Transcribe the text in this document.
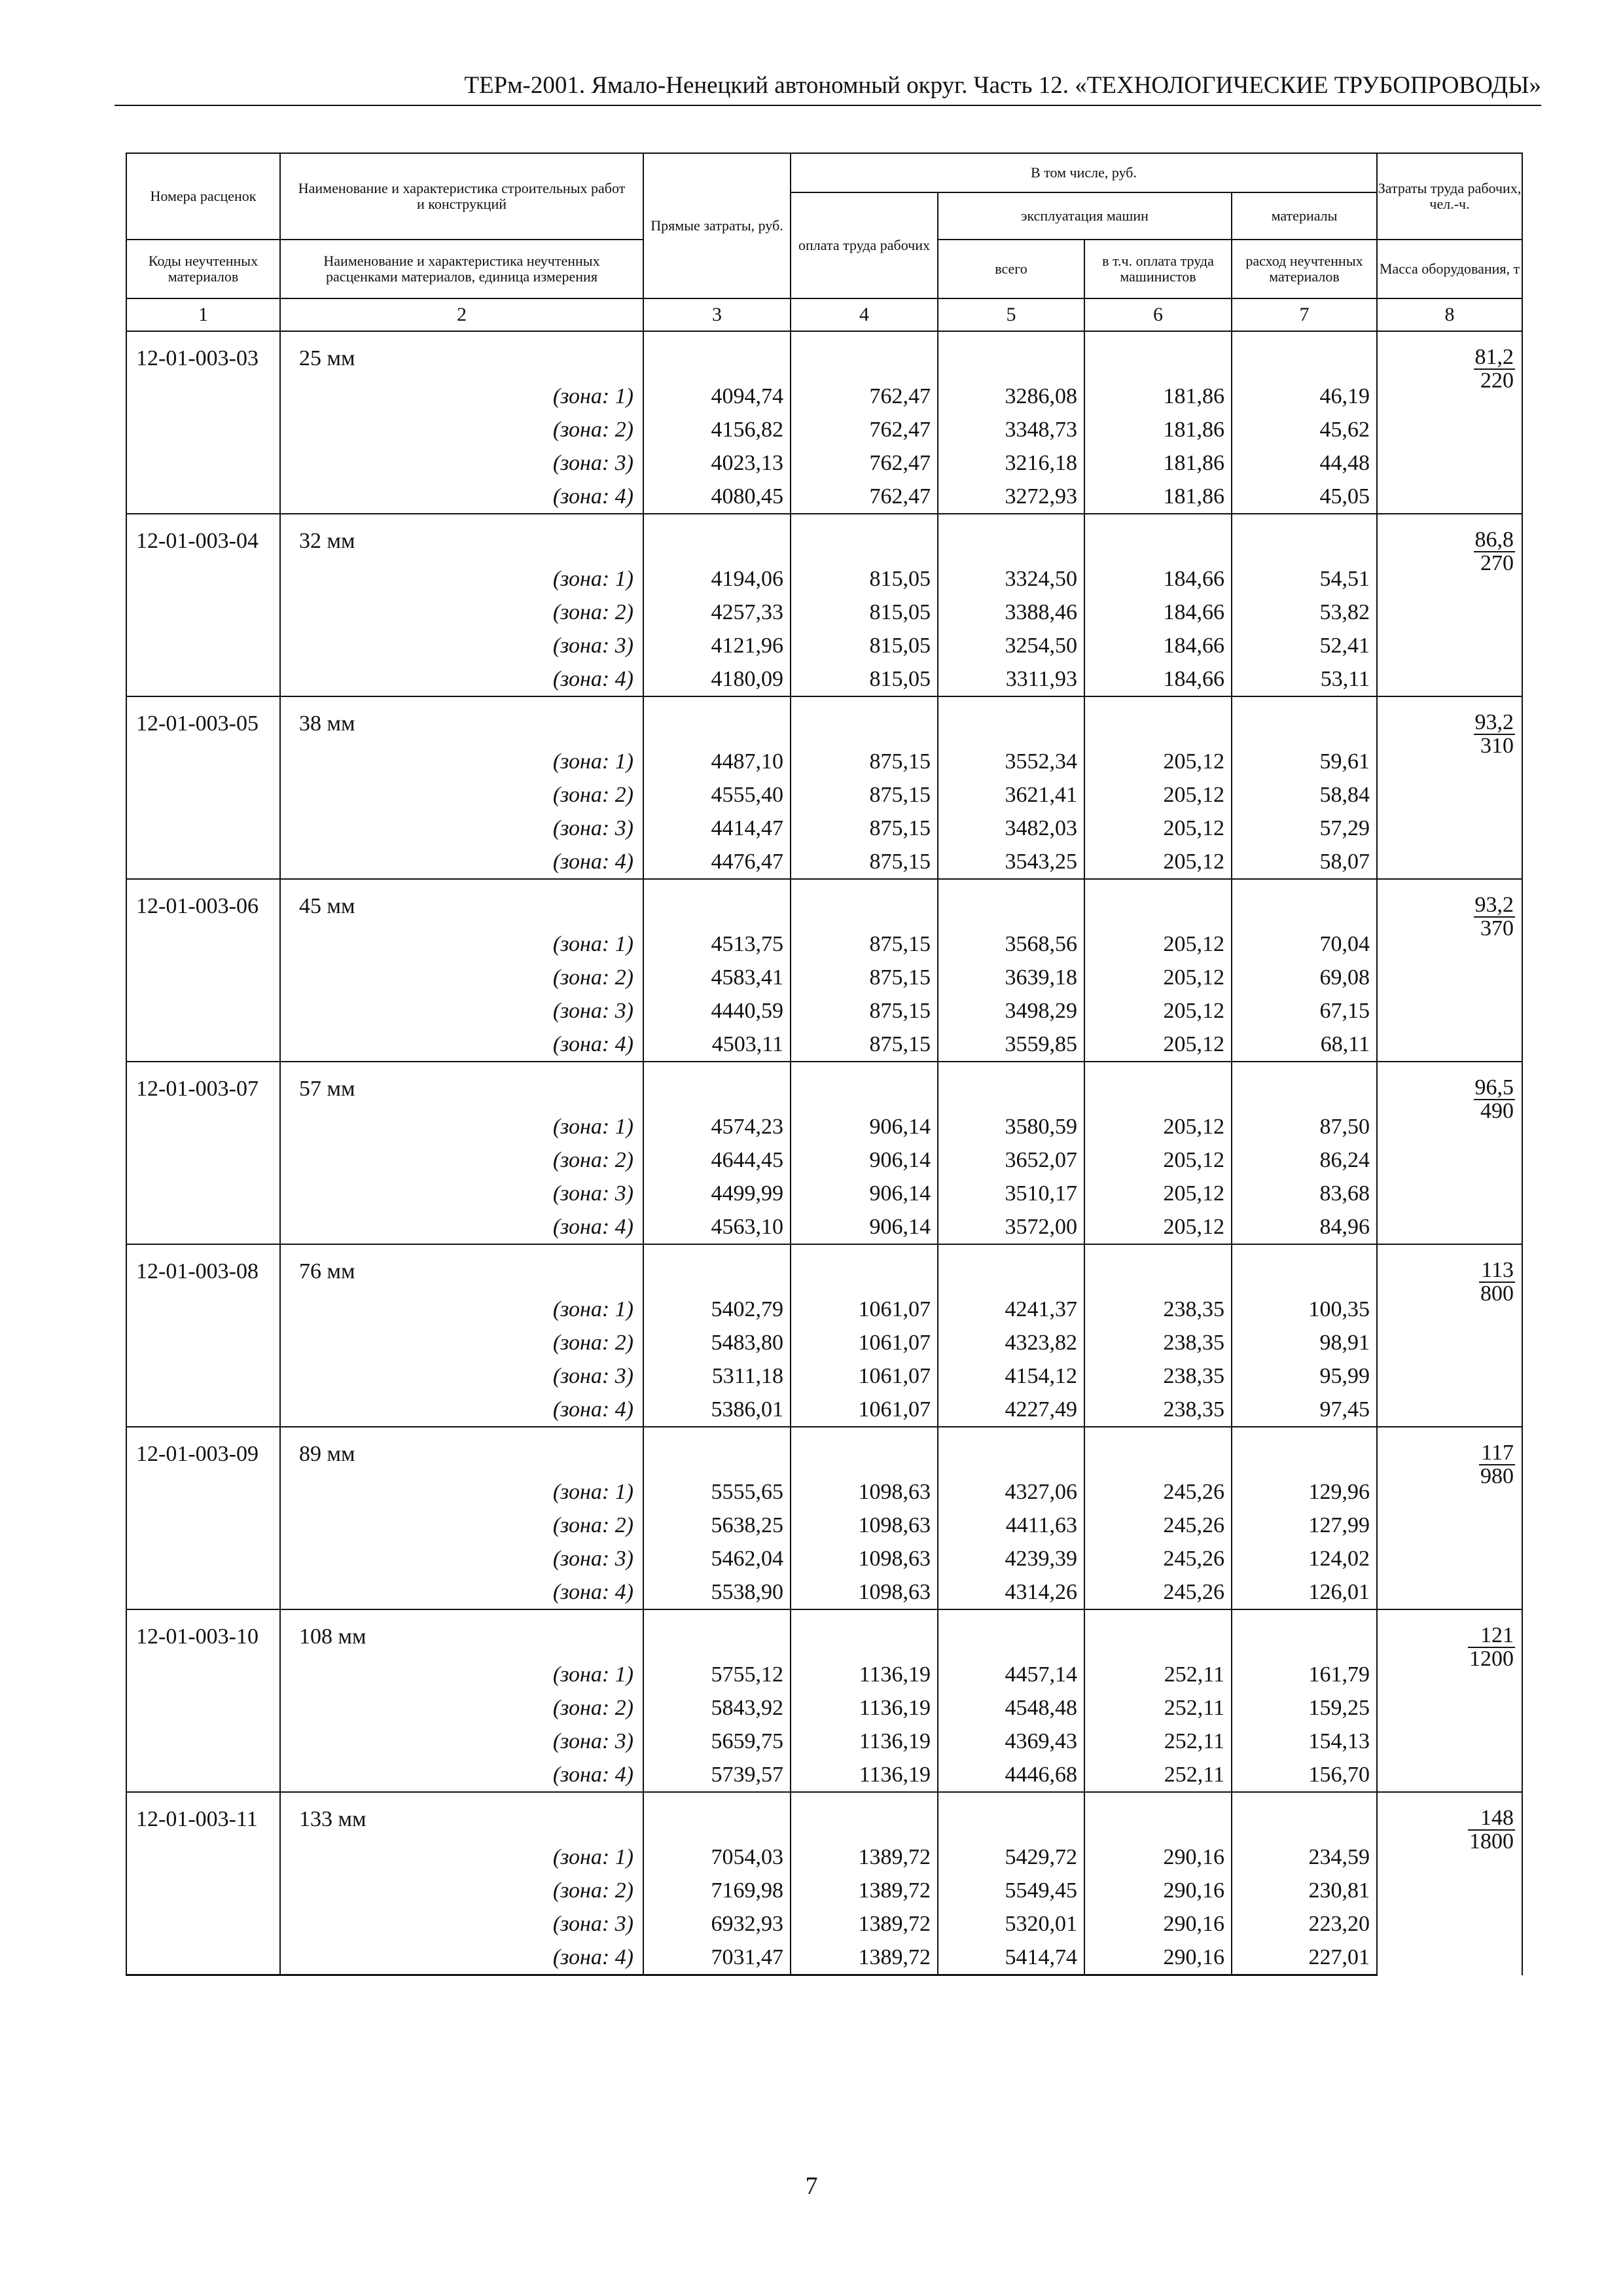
ТЕРм-2001. Ямало-Ненецкий автономный округ. Часть 12. «ТЕХНОЛОГИЧЕСКИЕ ТРУБОПРОВОДЫ»
Номера расценок	Наименование и характеристика строительных работ и конструкций	Прямые затраты, руб.	В том числе, руб.				Затраты труда рабочих, чел.-ч.
			оплата труда рабочих	эксплуатация машин		материалы	
Коды неучтенных материалов	Наименование и характеристика неучтенных расценками материалов, единица измерения			всего	в т.ч. оплата труда машинистов	расход неучтенных материалов	Масса оборудования, т
1	2	3	4	5	6	7	8
12-01-003-03	25 мм						$\frac{81,2}{220}$

	(зона: 1)	4094,74	762,47	3286,08	181,86	46,19	
	(зона: 2)	4156,82	762,47	3348,73	181,86	45,62	
	(зона: 3)	4023,13	762,47	3216,18	181,86	44,48	
	(зона: 4)	4080,45	762,47	3272,93	181,86	45,05	
12-01-003-04	32 мм						$\frac{86,8}{270}$

	(зона: 1)	4194,06	815,05	3324,50	184,66	54,51	
	(зона: 2)	4257,33	815,05	3388,46	184,66	53,82	
	(зона: 3)	4121,96	815,05	3254,50	184,66	52,41	
	(зона: 4)	4180,09	815,05	3311,93	184,66	53,11	
12-01-003-05	38 мм						$\frac{93,2}{310}$

	(зона: 1)	4487,10	875,15	3552,34	205,12	59,61	
	(зона: 2)	4555,40	875,15	3621,41	205,12	58,84	
	(зона: 3)	4414,47	875,15	3482,03	205,12	57,29	
	(зона: 4)	4476,47	875,15	3543,25	205,12	58,07	
12-01-003-06	45 мм						$\frac{93,2}{370}$

	(зона: 1)	4513,75	875,15	3568,56	205,12	70,04	
	(зона: 2)	4583,41	875,15	3639,18	205,12	69,08	
	(зона: 3)	4440,59	875,15	3498,29	205,12	67,15	
	(зона: 4)	4503,11	875,15	3559,85	205,12	68,11	
12-01-003-07	57 мм						$\frac{96,5}{490}$

	(зона: 1)	4574,23	906,14	3580,59	205,12	87,50	
	(зона: 2)	4644,45	906,14	3652,07	205,12	86,24	
	(зона: 3)	4499,99	906,14	3510,17	205,12	83,68	
	(зона: 4)	4563,10	906,14	3572,00	205,12	84,96	
12-01-003-08	76 мм						$\frac{113}{800}$

	(зона: 1)	5402,79	1061,07	4241,37	238,35	100,35	
	(зона: 2)	5483,80	1061,07	4323,82	238,35	98,91	
	(зона: 3)	5311,18	1061,07	4154,12	238,35	95,99	
	(зона: 4)	5386,01	1061,07	4227,49	238,35	97,45	
12-01-003-09	89 мм						$\frac{117}{980}$

	(зона: 1)	5555,65	1098,63	4327,06	245,26	129,96	
	(зона: 2)	5638,25	1098,63	4411,63	245,26	127,99	
	(зона: 3)	5462,04	1098,63	4239,39	245,26	124,02	
	(зона: 4)	5538,90	1098,63	4314,26	245,26	126,01	
12-01-003-10	108 мм						$\frac{121}{1200}$

	(зона: 1)	5755,12	1136,19	4457,14	252,11	161,79	
	(зона: 2)	5843,92	1136,19	4548,48	252,11	159,25	
	(зона: 3)	5659,75	1136,19	4369,43	252,11	154,13	
	(зона: 4)	5739,57	1136,19	4446,68	252,11	156,70	
12-01-003-11	133 мм						$\frac{148}{1800}$

	(зона: 1)	7054,03	1389,72	5429,72	290,16	234,59	
	(зона: 2)	7169,98	1389,72	5549,45	290,16	230,81	
	(зона: 3)	6932,93	1389,72	5320,01	290,16	223,20	
	(зона: 4)	7031,47	1389,72	5414,74	290,16	227,01	
7
